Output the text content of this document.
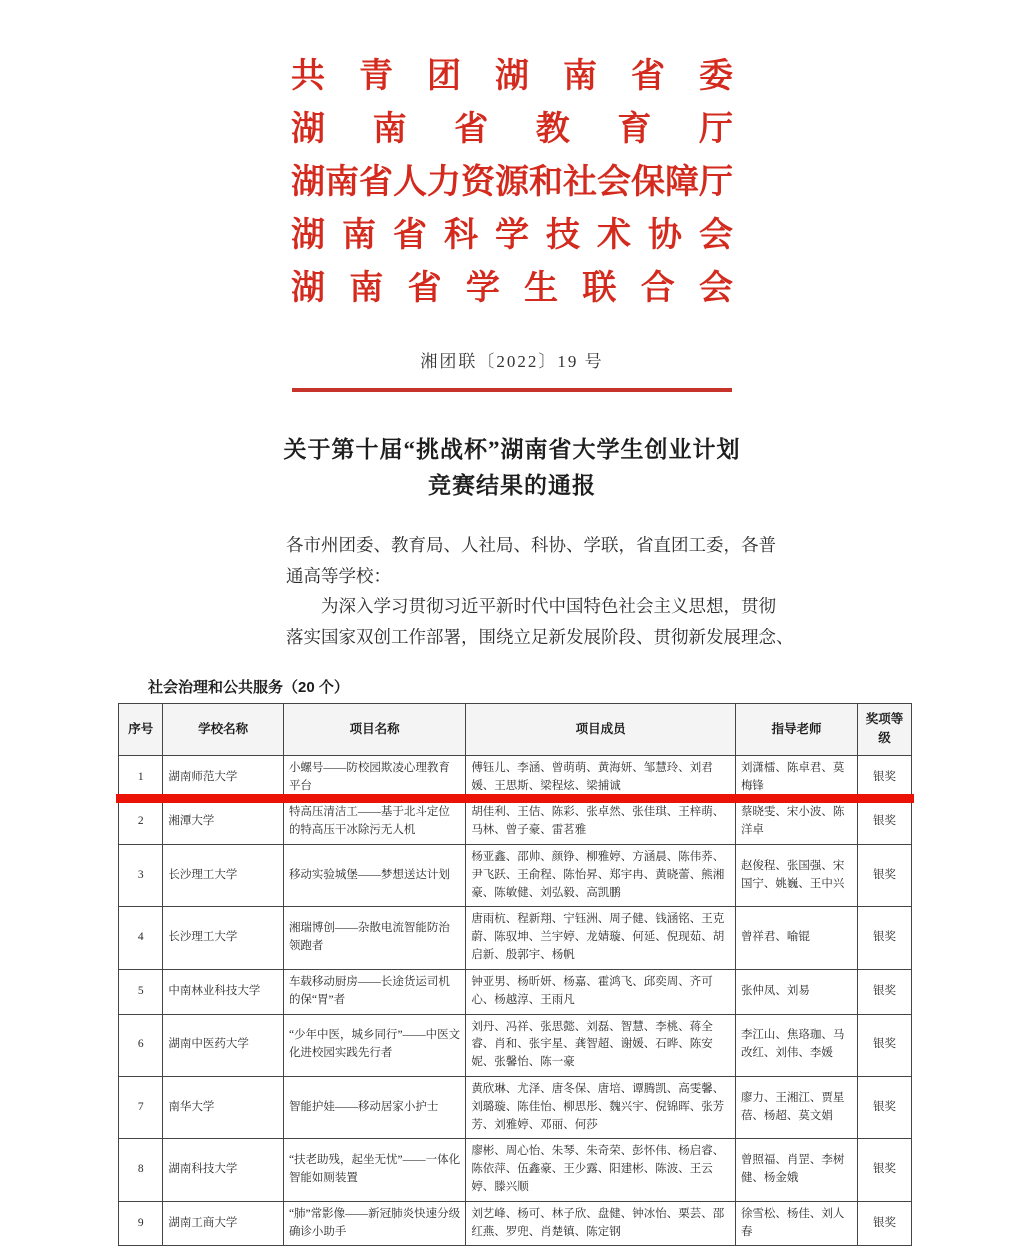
共青团湖南省委
湖南省教育厅
湖南省人力资源和社会保障厅
湖南省科学技术协会
湖南省学生联合会
湘团联〔2022〕19 号
关于第十届“挑战杯”湖南省大学生创业计划
竞赛结果的通报
各市州团委、教育局、人社局、科协、学联，省直团工委，各普
通高等学校：
为深入学习贯彻习近平新时代中国特色社会主义思想，贯彻
落实国家双创工作部署，围绕立足新发展阶段、贯彻新发展理念、
社会治理和公共服务（20 个）
序号	学校名称	项目名称	项目成员	指导老师	奖项等级
1	湖南师范大学	小螺号——防校园欺凌心理教育平台	傅钰儿、李涵、曾萌萌、黄海妍、邹慧玲、刘君媛、王思斯、梁程炫、梁捕诚	刘潇檑、陈卓君、莫梅锋	银奖
2	湘潭大学	特高压清洁工——基于北斗定位的特高压干冰除污无人机	胡佳利、王佶、陈彩、张卓然、张佳琪、王梓萌、马林、曾子豪、雷茗雅	蔡晓雯、宋小波、陈洋卓	银奖
3	长沙理工大学	移动实验城堡——梦想送达计划	杨亚鑫、邵帅、颜铮、柳雅婷、方涵晨、陈伟荞、尹飞跃、王俞程、陈怡昇、郑宇冉、黄晓蕾、熊湘豪、陈敏健、刘弘毅、高凯鹏	赵俊程、张国强、宋国宁、姚巍、王中兴	银奖
4	长沙理工大学	湘瑞博创——杂散电流智能防治领跑者	唐雨杭、程新翔、宁钰洲、周子健、钱涵铭、王克蔚、陈驭坤、兰宇婷、龙婧璇、何延、倪现茹、胡启新、殷郭宇、杨帆	曾祥君、喻锟	银奖
5	中南林业科技大学	车载移动厨房——长途货运司机的保“胃”者	钟亚男、杨昕妍、杨嘉、霍鸿飞、邱奕周、齐可心、杨越淳、王雨凡	张仲凤、刘易	银奖
6	湖南中医药大学	“少年中医，城乡同行”——中医文化进校园实践先行者	刘丹、冯祥、张思懿、刘磊、智慧、李桃、蒋全睿、肖和、张宇星、龚智超、谢媛、石晔、陈安妮、张馨怡、陈一豪	李江山、焦珞珈、马改红、刘伟、李媛	银奖
7	南华大学	智能护娃——移动居家小护士	黄欣琳、尤泽、唐冬保、唐培、谭腾凯、高雯馨、刘璐璇、陈佳怡、柳思彤、魏兴宇、倪锦晖、张芳芳、刘雅婷、邓丽、何莎	廖力、王湘江、贾星蓓、杨超、莫文娟	银奖
8	湖南科技大学	“扶老助残，起坐无忧”——一体化智能如厕装置	廖彬、周心怡、朱琴、朱奇荣、彭怀伟、杨启睿、陈依萍、伍鑫豪、王少露、阳建彬、陈波、王云婷、滕兴顺	曾照福、肖罡、李树健、杨金娥	银奖
9	湖南工商大学	“肺”常影像——新冠肺炎快速分级确诊小助手	刘艺峰、杨可、林子欣、盘健、钟冰怡、栗芸、邵红燕、罗兜、肖楚镇、陈定钢	徐雪松、杨佳、刘人春	银奖
